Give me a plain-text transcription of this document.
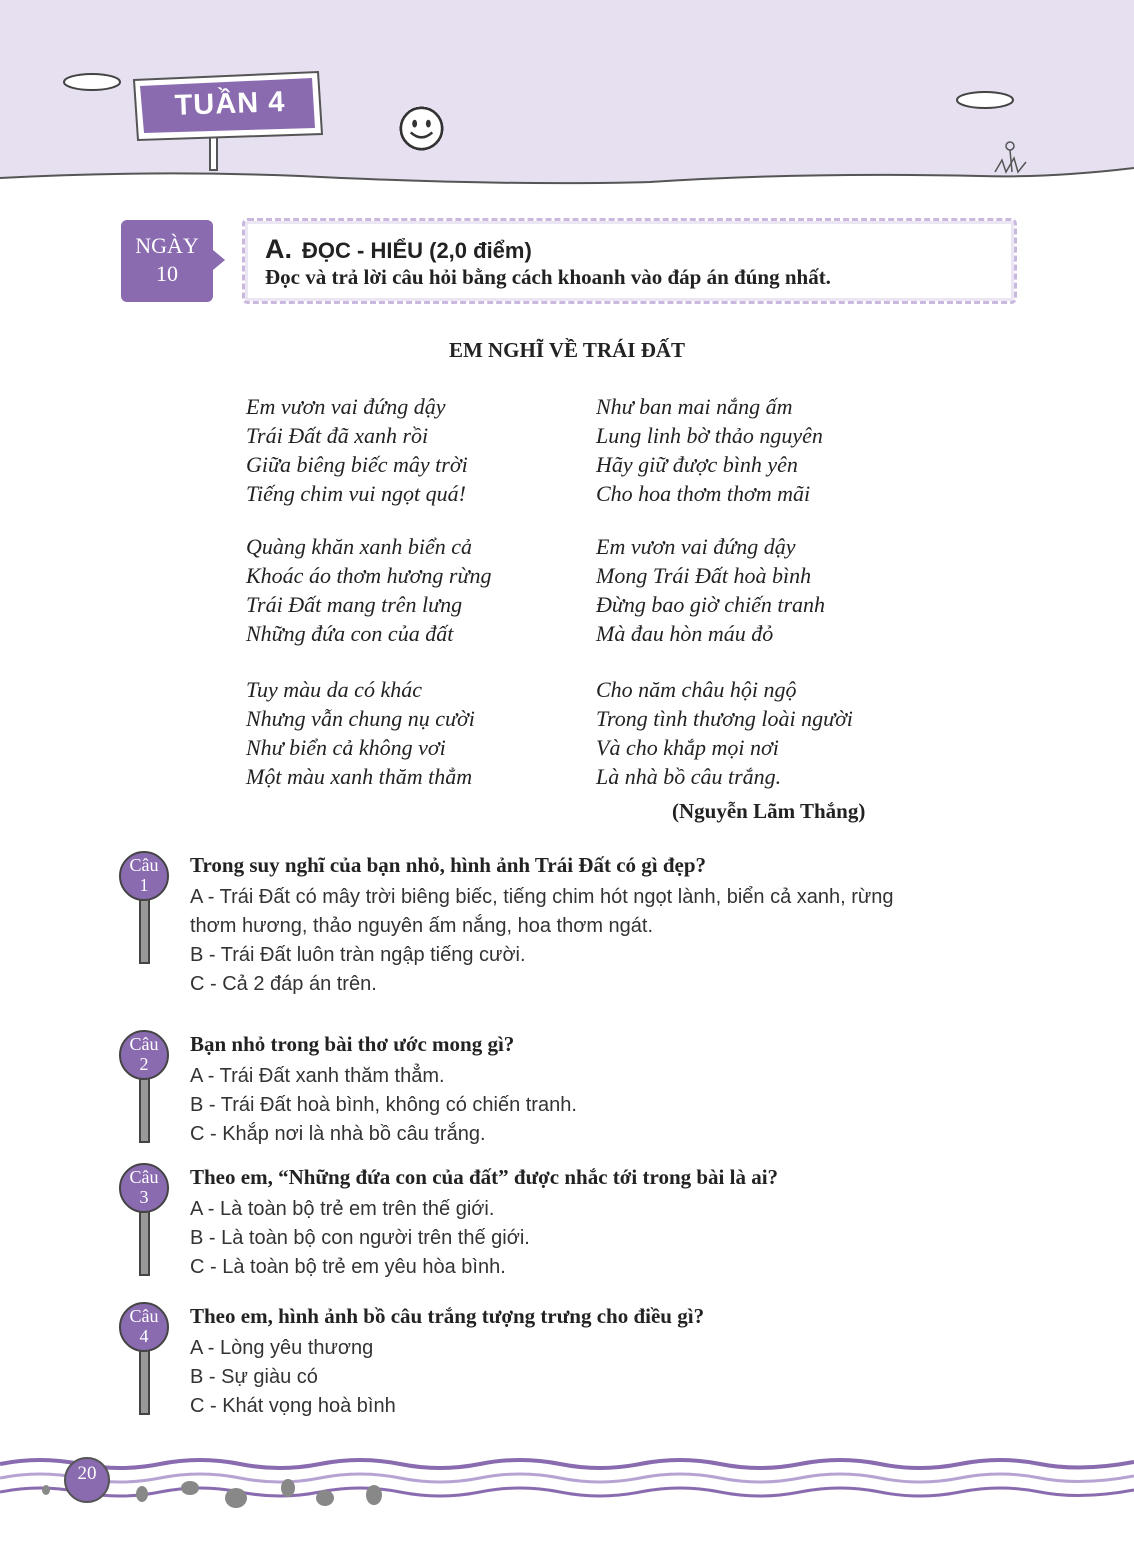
TUẦN 4
NGÀY
10
A. ĐỌC - HIỂU (2,0 điểm)
Đọc và trả lời câu hỏi bằng cách khoanh vào đáp án đúng nhất.
EM NGHĨ VỀ TRÁI ĐẤT
Em vươn vai đứng dậy
Trái Đất đã xanh rồi
Giữa biêng biếc mây trời
Tiếng chim vui ngọt quá!
Quàng khăn xanh biển cả
Khoác áo thơm hương rừng
Trái Đất mang trên lưng
Những đứa con của đất
Tuy màu da có khác
Nhưng vẫn chung nụ cười
Như biển cả không vơi
Một màu xanh thăm thẳm
Như ban mai nắng ấm
Lung linh bờ thảo nguyên
Hãy giữ được bình yên
Cho hoa thơm thơm mãi
Em vươn vai đứng dậy
Mong Trái Đất hoà bình
Đừng bao giờ chiến tranh
Mà đau hòn máu đỏ
Cho năm châu hội ngộ
Trong tình thương loài người
Và cho khắp mọi nơi
Là nhà bồ câu trắng.
(Nguyễn Lãm Thắng)
Câu
1
Trong suy nghĩ của bạn nhỏ, hình ảnh Trái Đất có gì đẹp?
A - Trái Đất có mây trời biêng biếc, tiếng chim hót ngọt lành, biển cả xanh, rừng
thơm hương, thảo nguyên ấm nắng, hoa thơm ngát.
B - Trái Đất luôn tràn ngập tiếng cười.
C - Cả 2 đáp án trên.
Câu
2
Bạn nhỏ trong bài thơ ước mong gì?
A - Trái Đất xanh thăm thẳm.
B - Trái Đất hoà bình, không có chiến tranh.
C - Khắp nơi là nhà bồ câu trắng.
Câu
3
Theo em, “Những đứa con của đất” được nhắc tới trong bài là ai?
A - Là toàn bộ trẻ em trên thế giới.
B - Là toàn bộ con người trên thế giới.
C - Là toàn bộ trẻ em yêu hòa bình.
Câu
4
Theo em, hình ảnh bồ câu trắng tượng trưng cho điều gì?
A - Lòng yêu thương
B - Sự giàu có
C - Khát vọng hoà bình
20
